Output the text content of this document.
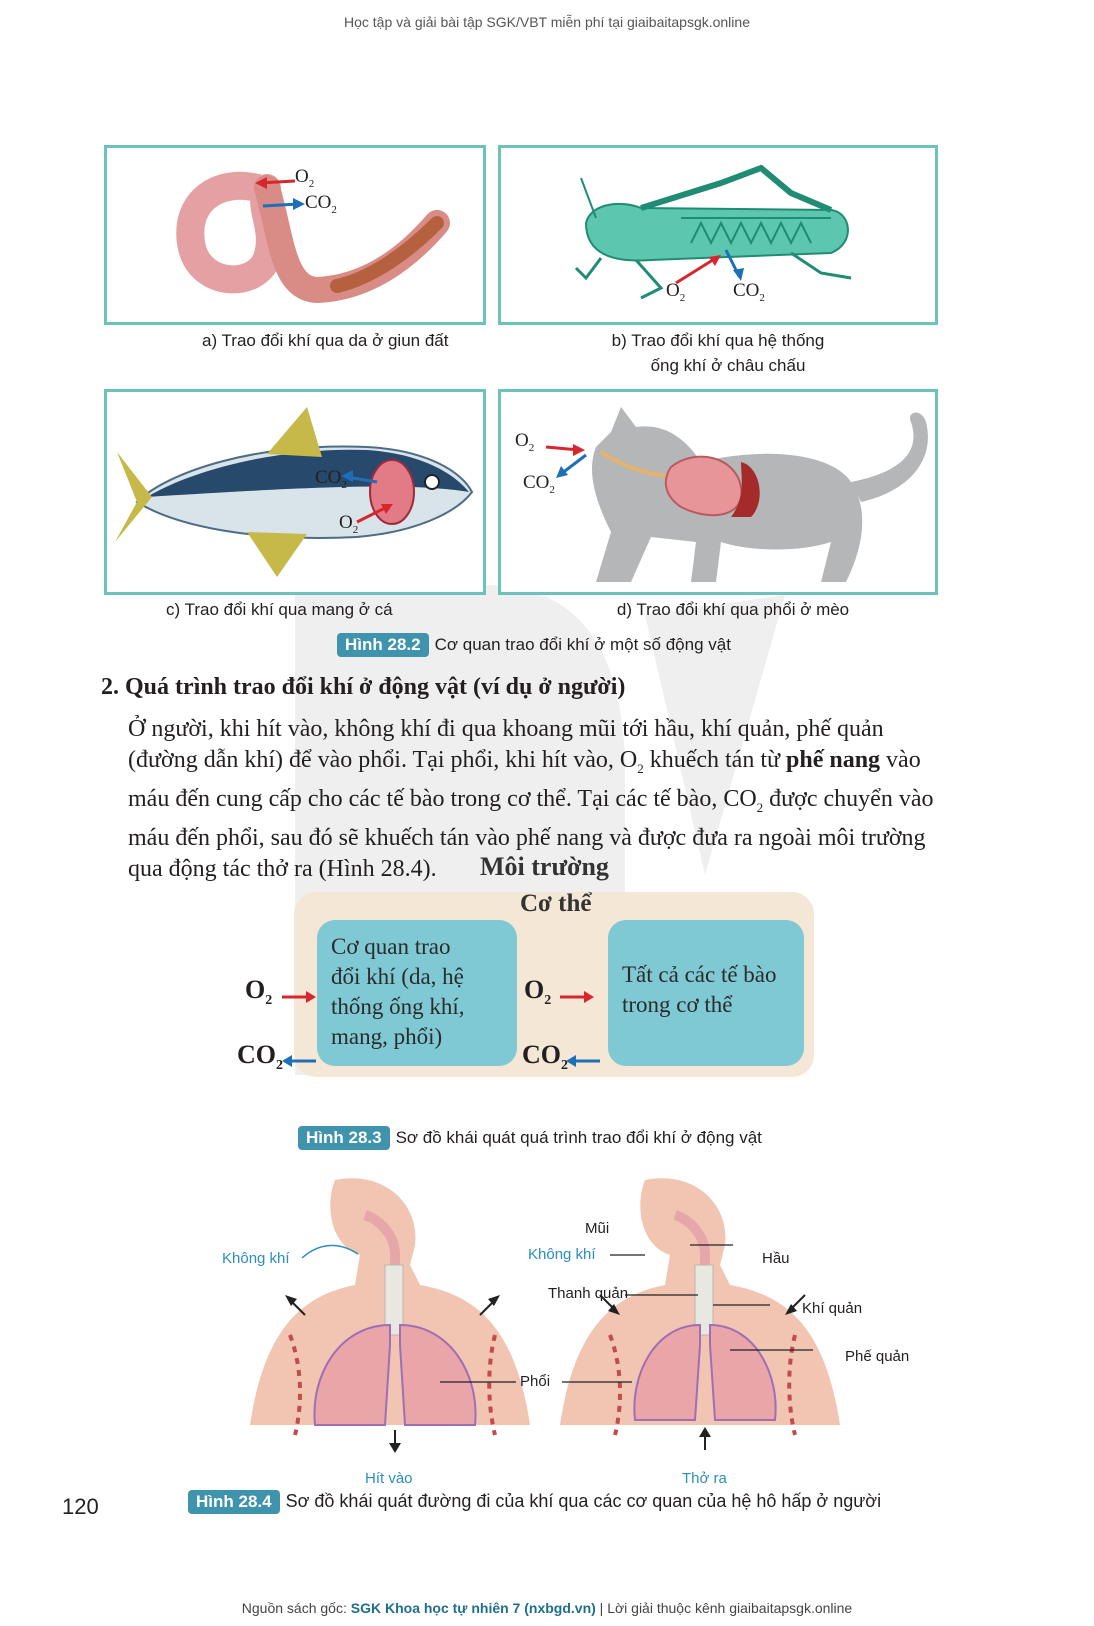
Học tập và giải bài tập SGK/VBT miễn phí tại giaibaitapsgk.online
$O_2$
$CO_2$
a) Trao đổi khí qua da ở giun đất
$O_2$	$CO_2$
b) Trao đổi khí qua hệ thống
ống khí ở châu chấu
$CO_2$
$O_2$
c) Trao đổi khí qua mang ở cá
$O_2$
$CO_2$
d) Trao đổi khí qua phổi ở mèo
Hình 28.2 Cơ quan trao đổi khí ở một số động vật
2. Quá trình trao đổi khí ở động vật (ví dụ ở người)
Ở người, khi hít vào, không khí đi qua khoang mũi tới hầu, khí quản, phế quản
(đường dẫn khí) để vào phổi. Tại phổi, khi hít vào, $O_2$ khuếch tán từ phế nang vào
máu đến cung cấp cho các tế bào trong cơ thể. Tại các tế bào, $CO_2$ được chuyển vào
máu đến phổi, sau đó sẽ khuếch tán vào phế nang và được đưa ra ngoài môi trường
qua động tác thở ra (Hình 28.4).	Môi trường
Cơ thể
Cơ quan trao
đổi khí (da, hệ
thống ống khí,
mang, phổi)
Tất cả các tế bào
trong cơ thể
$O_2$
$CO_2$
$O_2$
$CO_2$
Hình 28.3 Sơ đồ khái quát quá trình trao đổi khí ở động vật
Không khí
Hít vào
Mũi
Không khí	Hầu
Thanh quản
Khí quản
Phế quản
Phổi
Thở ra
120	Hình 28.4 Sơ đồ khái quát đường đi của khí qua các cơ quan của hệ hô hấp ở người
Nguồn sách gốc: SGK Khoa học tự nhiên 7 (nxbgd.vn) | Lời giải thuộc kênh giaibaitapsgk.online
